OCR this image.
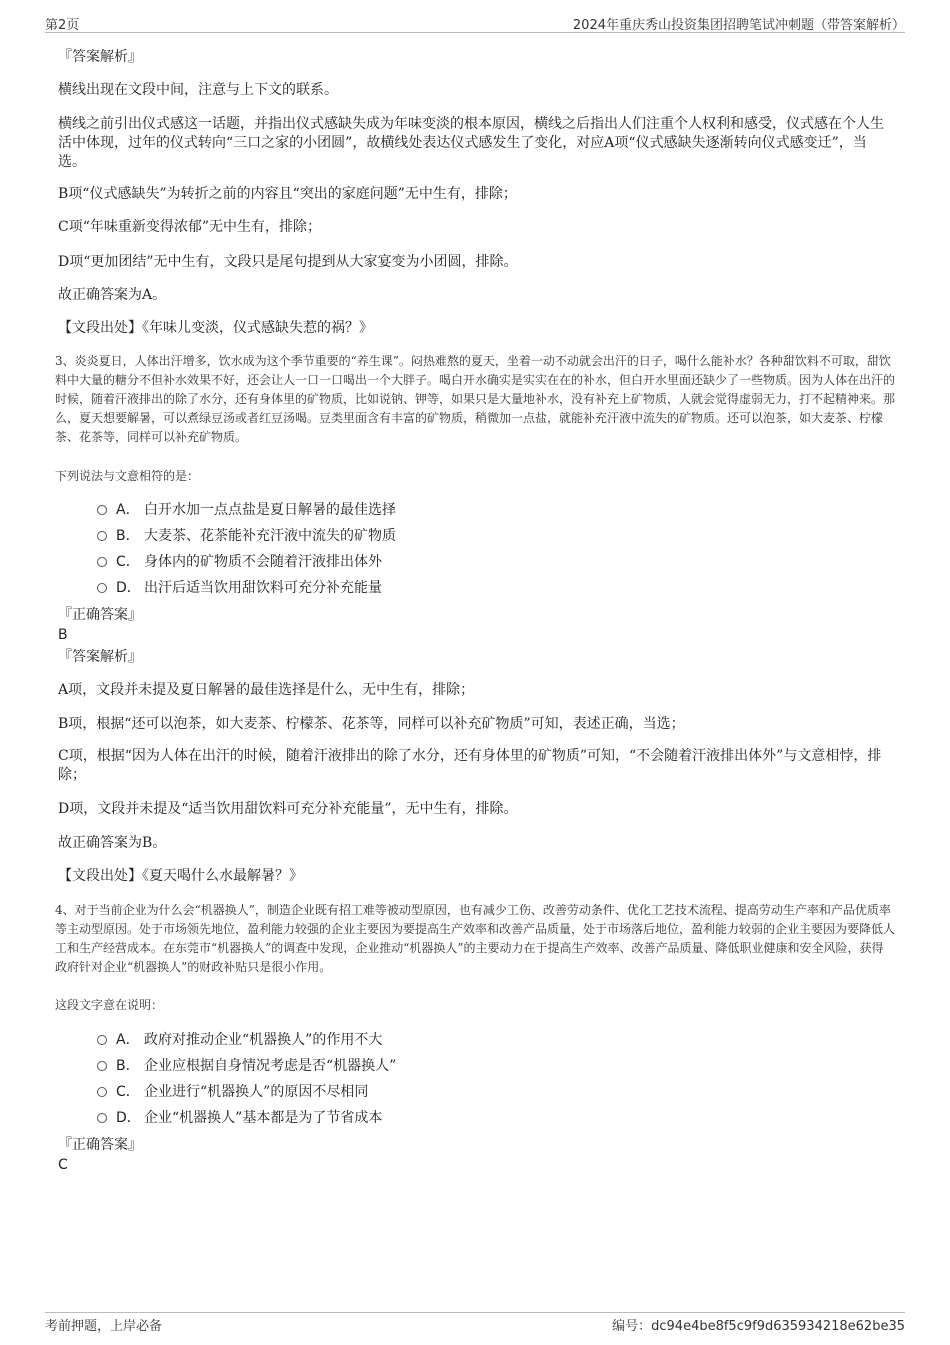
第2页	2024年重庆秀山投资集团招聘笔试冲刺题（带答案解析）
『答案解析』
横线出现在文段中间，注意与上下文的联系。
横线之前引出仪式感这一话题，并指出仪式感缺失成为年味变淡的根本原因，横线之后指出人们注重个人权利和感受，仪式感在个人生活中体现，过年的仪式转向“三口之家的小团圆”，故横线处表达仪式感发生了变化，对应A项“仪式感缺失逐渐转向仪式感变迁”，当选。
B项“仪式感缺失”为转折之前的内容且“突出的家庭问题”无中生有，排除；
C项“年味重新变得浓郁”无中生有，排除；
D项“更加团结”无中生有，文段只是尾句提到从大家宴变为小团圆，排除。
故正确答案为A。
【文段出处】《年味儿变淡，仪式感缺失惹的祸？》
3、炎炎夏日，人体出汗增多，饮水成为这个季节重要的“养生课”。闷热难熬的夏天，坐着一动不动就会出汗的日子，喝什么能补水？各种甜饮料不可取，甜饮料中大量的糖分不但补水效果不好，还会让人一口一口喝出一个大胖子。喝白开水确实是实实在在的补水，但白开水里面还缺少了一些物质。因为人体在出汗的时候，随着汗液排出的除了水分，还有身体里的矿物质，比如说钠、钾等，如果只是大量地补水，没有补充上矿物质，人就会觉得虚弱无力，打不起精神来。那么，夏天想要解暑，可以煮绿豆汤或者红豆汤喝。豆类里面含有丰富的矿物质，稍微加一点盐，就能补充汗液中流失的矿物质。还可以泡茶，如大麦茶、柠檬茶、花茶等，同样可以补充矿物质。
下列说法与文意相符的是：
A． 白开水加一点点盐是夏日解暑的最佳选择
B． 大麦茶、花茶能补充汗液中流失的矿物质
C． 身体内的矿物质不会随着汗液排出体外
D． 出汗后适当饮用甜饮料可充分补充能量
『正确答案』
B
『答案解析』
A项，文段并未提及夏日解暑的最佳选择是什么，无中生有，排除；
B项，根据“还可以泡茶，如大麦茶、柠檬茶、花茶等，同样可以补充矿物质”可知，表述正确，当选；
C项，根据“因为人体在出汗的时候，随着汗液排出的除了水分，还有身体里的矿物质”可知，“不会随着汗液排出体外”与文意相悖，排除；
D项，文段并未提及“适当饮用甜饮料可充分补充能量”，无中生有，排除。
故正确答案为B。
【文段出处】《夏天喝什么水最解暑？》
4、对于当前企业为什么会“机器换人”，制造企业既有招工难等被动型原因，也有减少工伤、改善劳动条件、优化工艺技术流程、提高劳动生产率和产品优质率等主动型原因。处于市场领先地位，盈利能力较强的企业主要因为要提高生产效率和改善产品质量，处于市场落后地位，盈利能力较弱的企业主要因为要降低人工和生产经营成本。在东莞市“机器换人”的调查中发现，企业推动“机器换人”的主要动力在于提高生产效率、改善产品质量、降低职业健康和安全风险，获得政府针对企业“机器换人”的财政补贴只是很小作用。
这段文字意在说明：
A． 政府对推动企业“机器换人”的作用不大
B． 企业应根据自身情况考虑是否“机器换人”
C． 企业进行“机器换人”的原因不尽相同
D． 企业“机器换人”基本都是为了节省成本
『正确答案』
C
考前押题，上岸必备	编号：dc94e4be8f5c9f9d635934218e62be35
